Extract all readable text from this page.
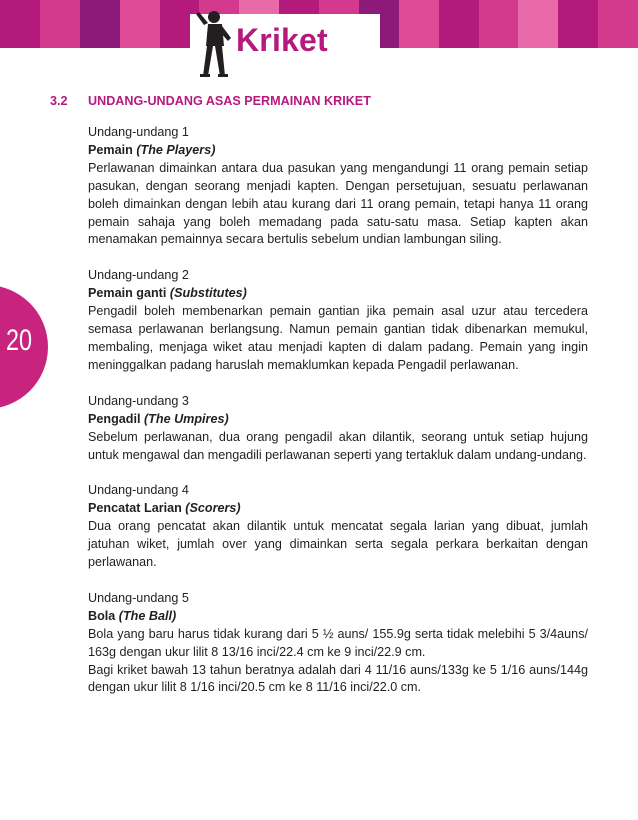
Kriket
20
3.2 UNDANG-UNDANG ASAS PERMAINAN KRIKET
Undang-undang 1
Pemain (The Players)
Perlawanan dimainkan antara dua pasukan yang mengandungi 11 orang pemain setiap pasukan, dengan seorang menjadi kapten. Dengan persetujuan, sesuatu perlawanan boleh dimainkan dengan lebih atau kurang dari 11 orang pemain, tetapi hanya 11 orang pemain sahaja yang boleh memadang pada satu-satu masa. Setiap kapten akan menamakan pemainnya secara bertulis sebelum undian lambungan siling.
Undang-undang 2
Pemain ganti (Substitutes)
Pengadil boleh membenarkan pemain gantian jika pemain asal uzur atau tercedera semasa perlawanan berlangsung. Namun pemain gantian tidak dibenarkan memukul, membaling, menjaga wiket atau menjadi kapten di dalam padang. Pemain yang ingin meninggalkan padang haruslah memaklumkan kepada Pengadil perlawanan.
Undang-undang 3
Pengadil (The Umpires)
Sebelum perlawanan, dua orang pengadil akan dilantik, seorang untuk setiap hujung untuk mengawal dan mengadili perlawanan seperti yang tertakluk dalam undang-undang.
Undang-undang 4
Pencatat Larian (Scorers)
Dua orang pencatat akan dilantik untuk mencatat segala larian yang dibuat, jumlah jatuhan wiket, jumlah over yang dimainkan serta segala perkara berkaitan dengan perlawanan.
Undang-undang 5
Bola (The Ball)
Bola yang baru harus tidak kurang dari 5 ½ auns/ 155.9g serta tidak melebihi 5 3/4auns/ 163g dengan ukur lilit 8 13/16 inci/22.4 cm ke 9 inci/22.9 cm.
Bagi kriket bawah 13 tahun beratnya adalah dari 4 11/16 auns/133g ke 5 1/16 auns/144g dengan ukur lilit 8 1/16 inci/20.5 cm ke 8 11/16 inci/22.0 cm.
